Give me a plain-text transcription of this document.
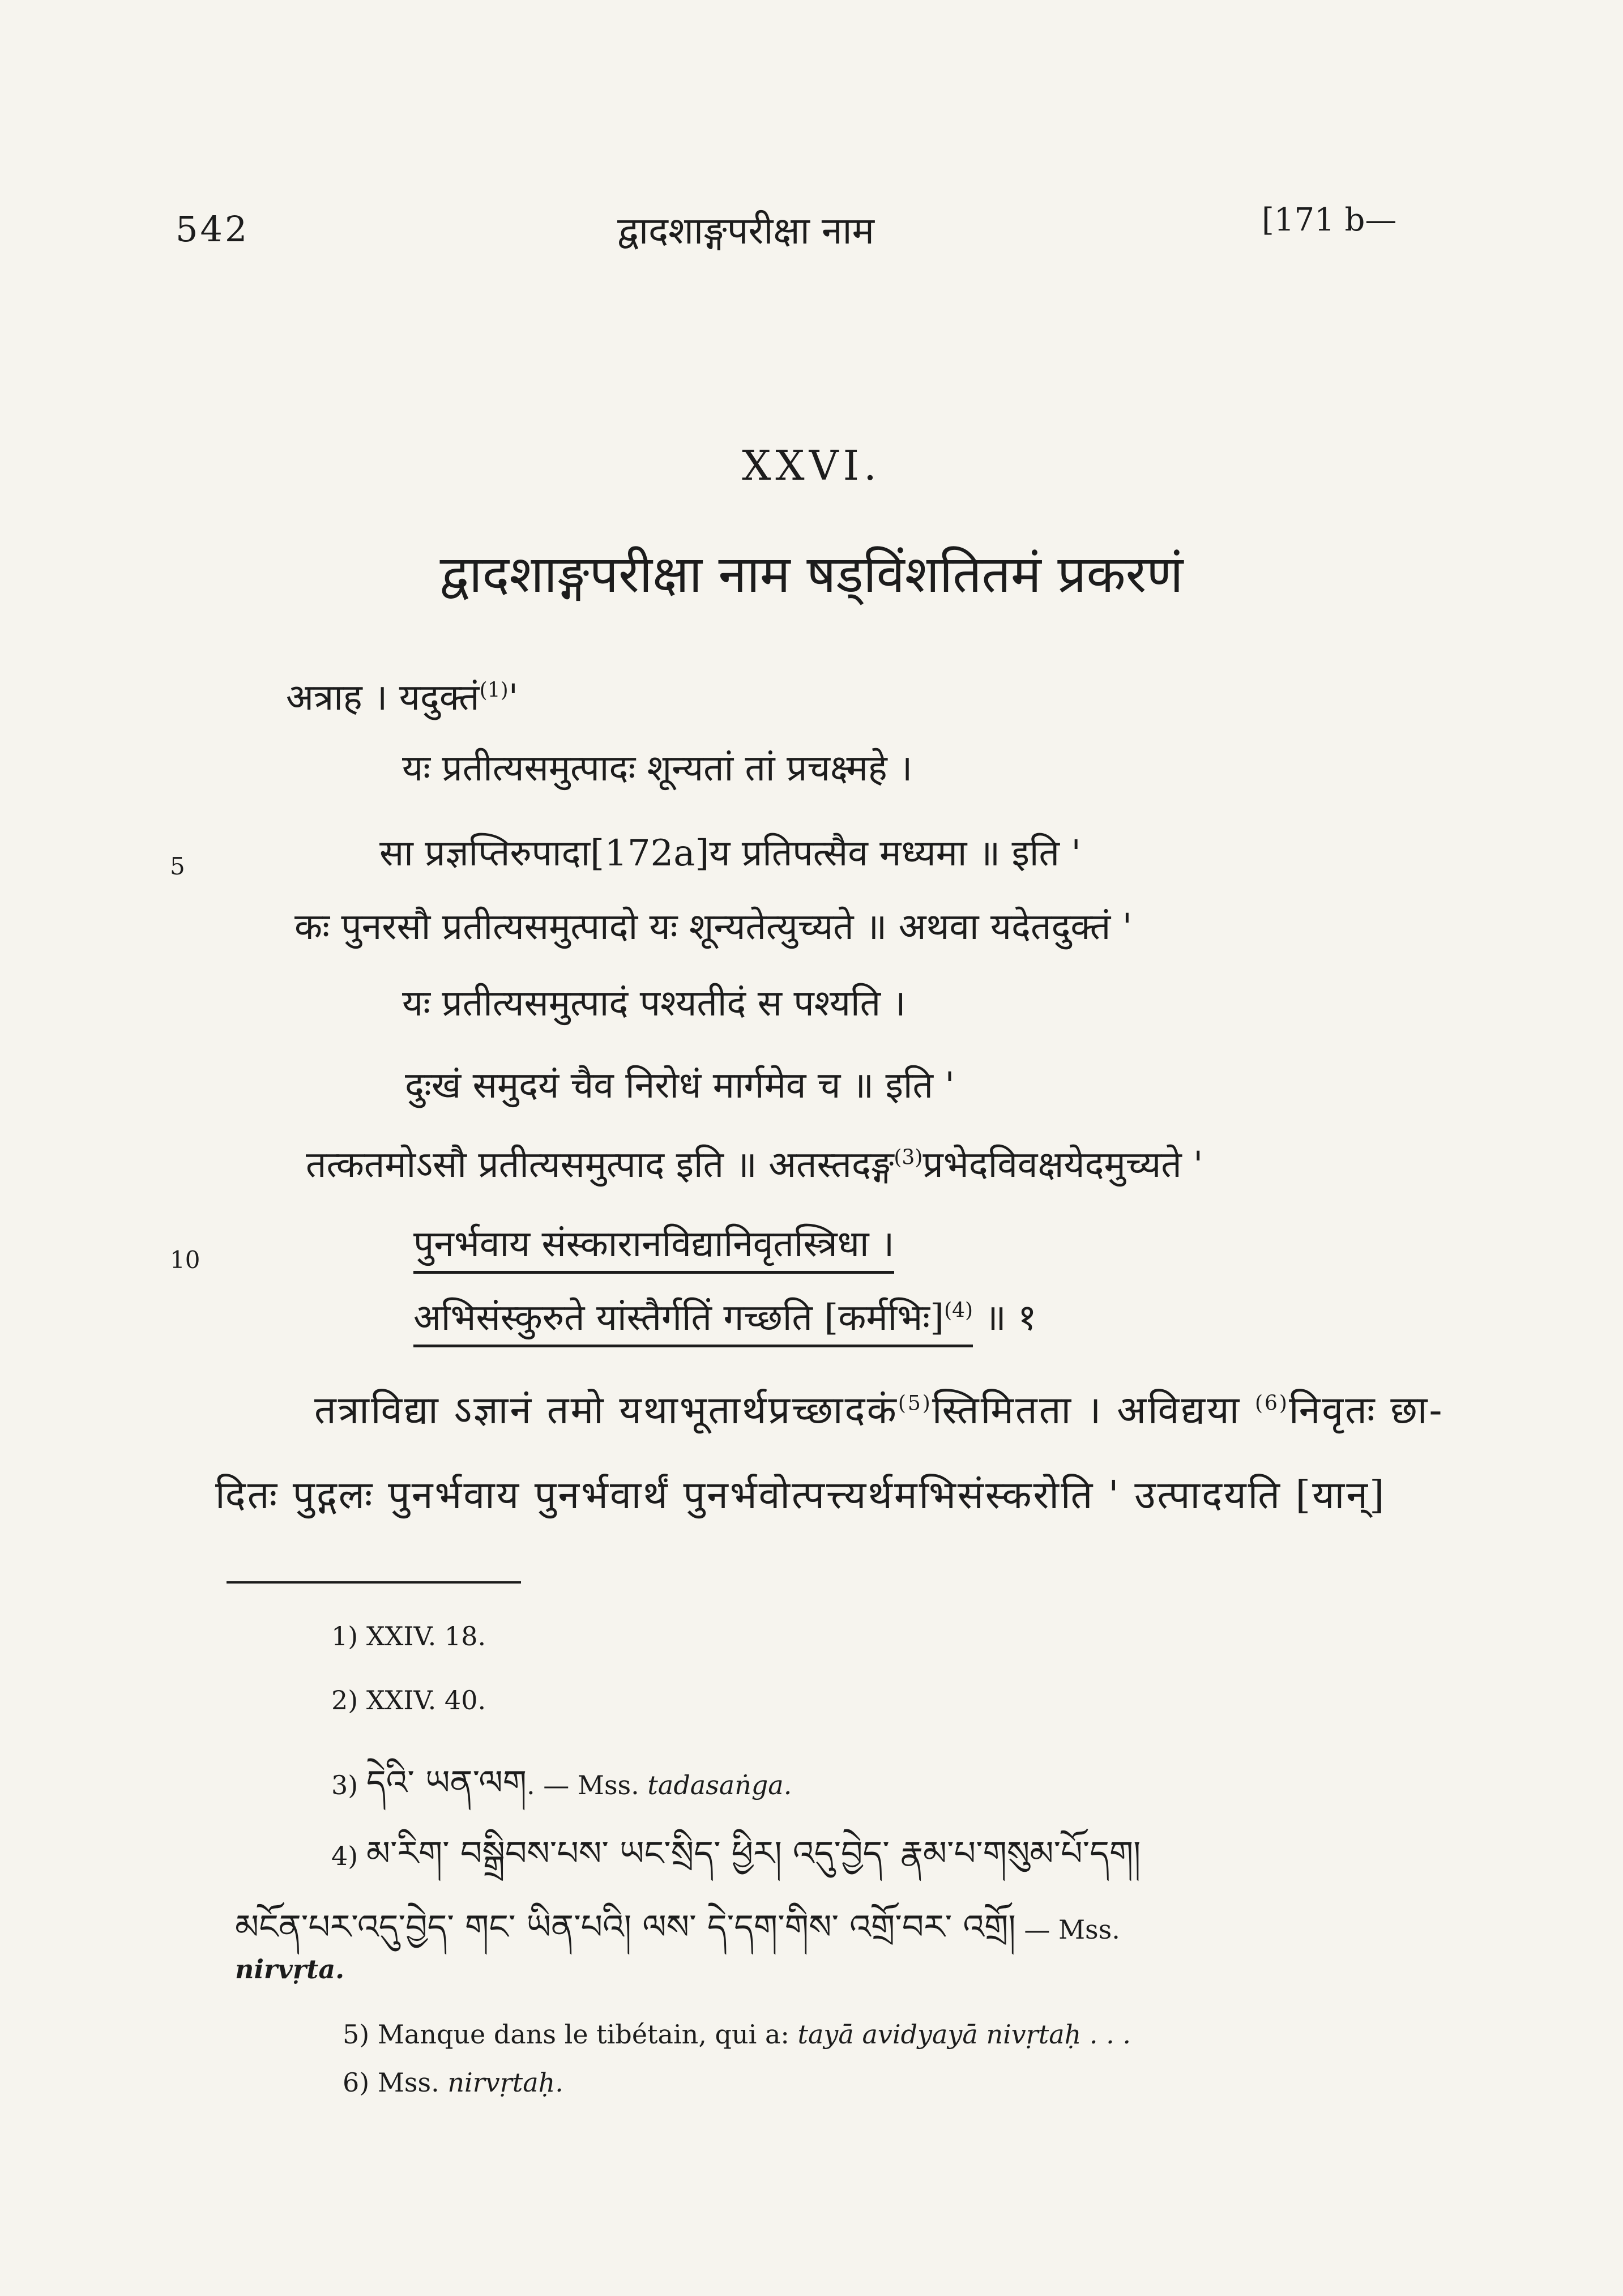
542	द्वादशाङ्गपरीक्षा नाम	[171 b—
XXVI.
द्वादशाङ्गपरीक्षा नाम षड्विंशतितमं प्रकरणं
अत्राह । यदुक्तं$^{(1)}$'
यः प्रतीत्यसमुत्पादः शून्यतां तां प्रचक्ष्महे ।
5	सा प्रज्ञप्तिरुपादा[172a]य प्रतिपत्सैव मध्यमा ॥ इति '
कः पुनरसौ प्रतीत्यसमुत्पादो यः शून्यतेत्युच्यते ॥ अथवा यदेतदुक्तं '
यः प्रतीत्यसमुत्पादं पश्यतीदं स पश्यति ।
दुःखं समुदयं चैव निरोधं मार्गमेव च ॥ इति '
तत्कतमोऽसौ प्रतीत्यसमुत्पाद इति ॥ अतस्तदङ्ग$^{(3)}$प्रभेदविवक्षयेदमुच्यते '
10	पुनर्भवाय संस्कारानविद्यानिवृतस्त्रिधा ।
अभिसंस्कुरुते यांस्तैर्गतिं गच्छति [कर्मभिः]$^{(4)}$ ॥ १
तत्राविद्या ऽज्ञानं तमो यथाभूतार्थप्रच्छादकं$^{(5)}$स्तिमितता । अविद्यया $^{(6)}$निवृतः छा-
दितः पुद्गलः पुनर्भवाय पुनर्भवार्थं पुनर्भवोत्पत्त्यर्थमभिसंस्करोति ' उत्पादयति [यान्]
1) XXIV. 18.
2) XXIV. 40.
3) དེའི་ ཡན་ལག. — Mss. tadasaṅga.
4) མ་རིག་ བསྒྲིབས་པས་ ཡང་སྲིད་ ཕྱིར། འདུ་བྱེད་ རྣམ་པ་གསུམ་པོ་དག།
མངོན་པར་འདུ་བྱེད་ གང་ ཡིན་པའི། ལས་ དེ་དག་གིས་ འགྲོ་བར་ འགྲོ། — Mss.
nirvṛta.
5) Manque dans le tibétain, qui a: tayā avidyayā nivṛtaḥ . . .
6) Mss. nirvṛtaḥ.
